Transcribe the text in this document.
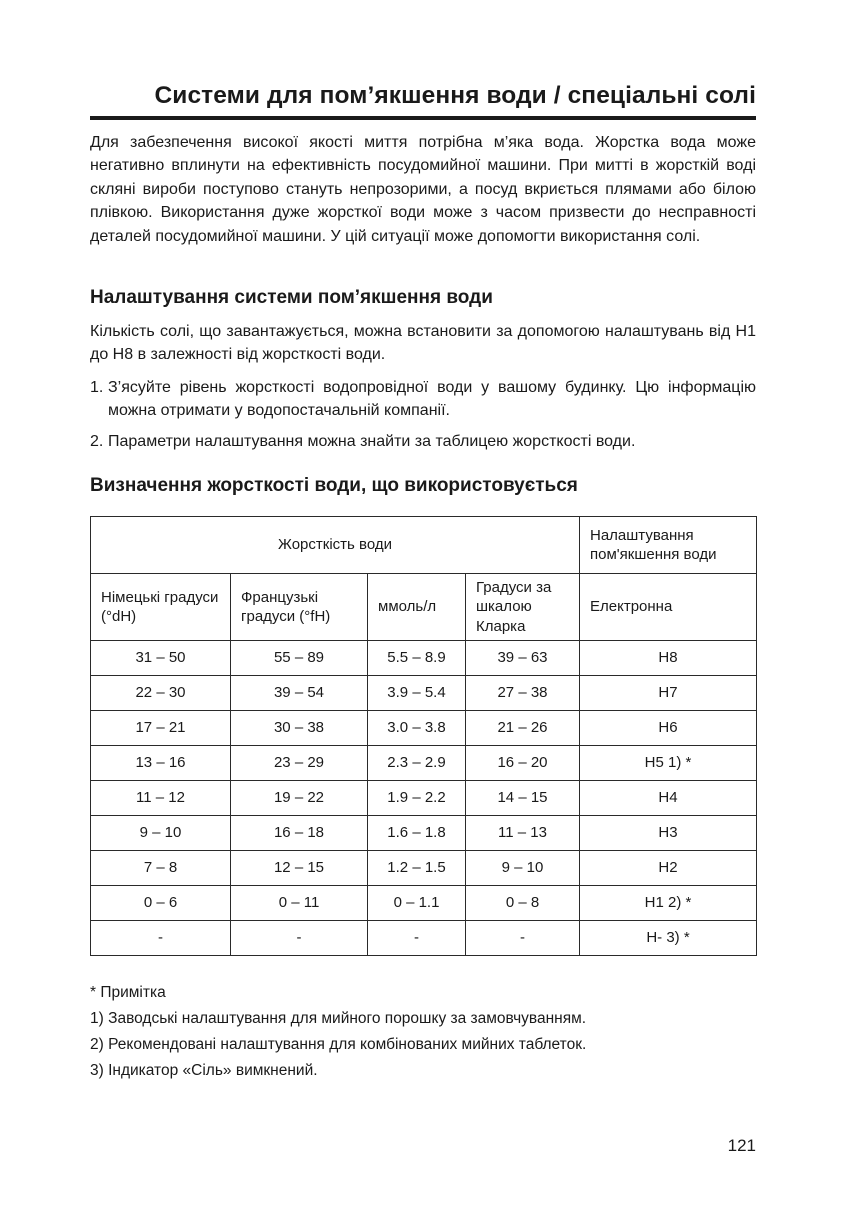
Системи для пом’якшення води / спеціальні солі

Для забезпечення високої якості миття потрібна м’яка вода. Жорстка вода може негативно вплинути на ефективність посудомийної машини. При митті в жорсткій воді скляні вироби поступово стануть непрозорими, а посуд вкриється плямами або білою плівкою. Використання дуже жорсткої води може з часом призвести до несправності деталей посудомийної машини. У цій ситуації може допомогти використання солі.

Налаштування системи пом’якшення води

Кількість солі, що завантажується, можна встановити за допомогою налаштувань від H1 до H8 в залежності від жорсткості води.

1. З’ясуйте рівень жорсткості водопровідної води у вашому будинку. Цю інформацію можна отримати у водопостачальній компанії.
2. Параметри налаштування можна знайти за таблицею жорсткості води.
Визначення жорсткості води, що використовується
Жорсткість води				Налаштування пом'якшення води
Німецькі градуси (°dH)	Французькі градуси (°fH)	ммоль/л	Градуси за шкалою Кларка	Електронна
31 – 50	55 – 89	5.5 – 8.9	39 – 63	H8
22 – 30	39 – 54	3.9 – 5.4	27 – 38	H7
17 – 21	30 – 38	3.0 – 3.8	21 – 26	H6
13 – 16	23 – 29	2.3 – 2.9	16 – 20	H5 1) *
11 – 12	19 – 22	1.9 – 2.2	14 – 15	H4
9 – 10	16 – 18	1.6 – 1.8	11 – 13	H3
7 – 8	12 – 15	1.2 – 1.5	9 – 10	H2
0 – 6	0 – 11	0 – 1.1	0 – 8	H1 2) *
-	-	-	-	H- 3) *
* Примітка
1) Заводські налаштування для мийного порошку за замовчуванням.
2) Рекомендовані налаштування для комбінованих мийних таблеток.
3) Індикатор «Сіль» вимкнений.
121
